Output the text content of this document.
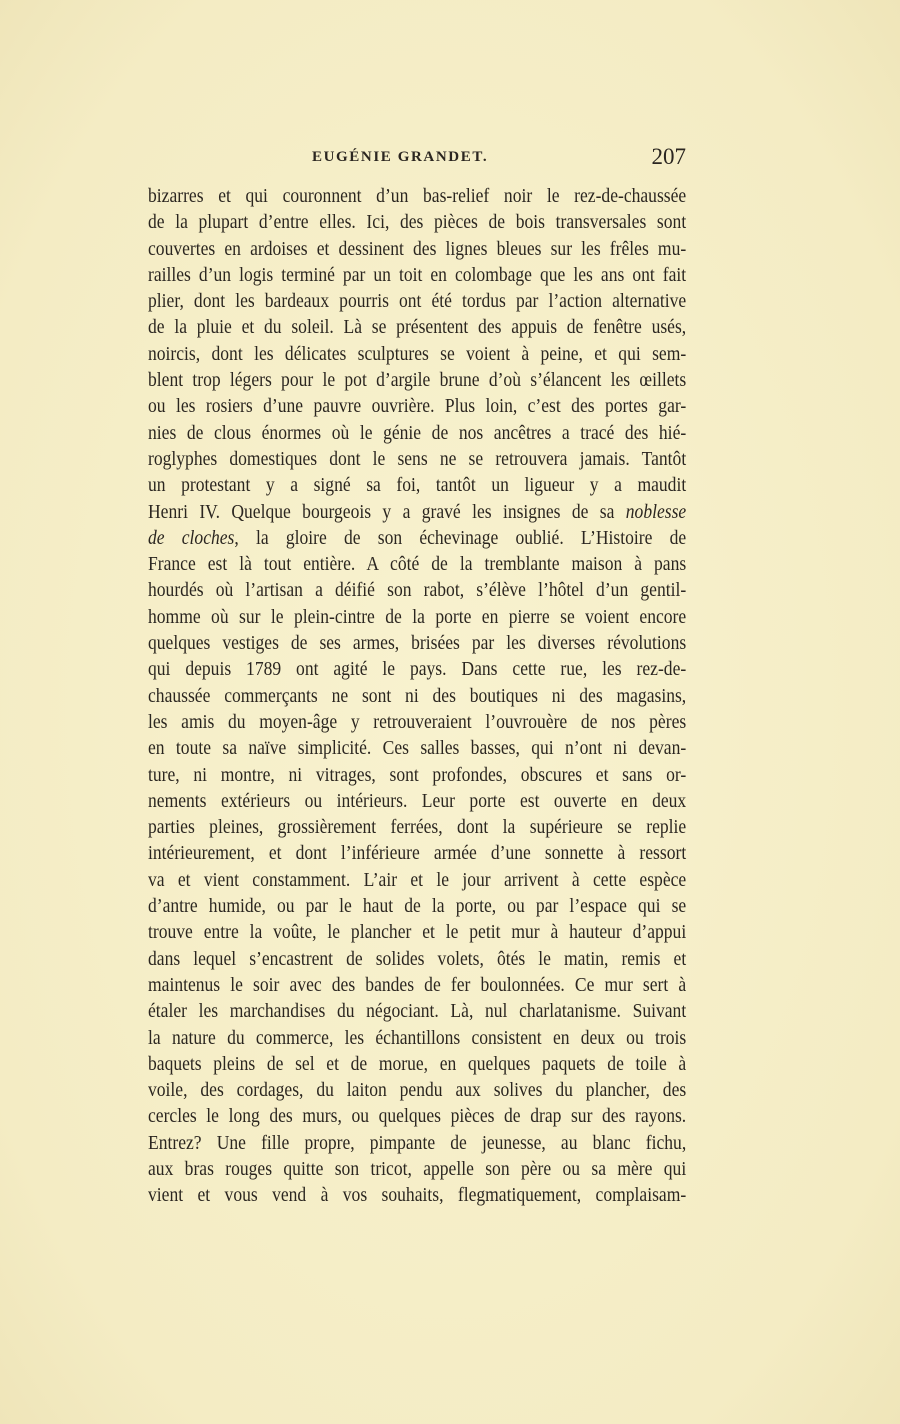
EUGÉNIE GRANDET.	207
bizarres et qui couronnent d’un bas-relief noir le rez-de-chaussée
de la plupart d’entre elles. Ici, des pièces de bois transversales sont
couvertes en ardoises et dessinent des lignes bleues sur les frêles mu-
railles d’un logis terminé par un toit en colombage que les ans ont fait
plier, dont les bardeaux pourris ont été tordus par l’action alternative
de la pluie et du soleil. Là se présentent des appuis de fenêtre usés,
noircis, dont les délicates sculptures se voient à peine, et qui sem-
blent trop légers pour le pot d’argile brune d’où s’élancent les œillets
ou les rosiers d’une pauvre ouvrière. Plus loin, c’est des portes gar-
nies de clous énormes où le génie de nos ancêtres a tracé des hié-
roglyphes domestiques dont le sens ne se retrouvera jamais. Tantôt
un protestant y a signé sa foi, tantôt un ligueur y a maudit
Henri IV. Quelque bourgeois y a gravé les insignes de sa noblesse
de cloches, la gloire de son échevinage oublié. L’Histoire de
France est là tout entière. A côté de la tremblante maison à pans
hourdés où l’artisan a déifié son rabot, s’élève l’hôtel d’un gentil-
homme où sur le plein-cintre de la porte en pierre se voient encore
quelques vestiges de ses armes, brisées par les diverses révolutions
qui depuis 1789 ont agité le pays. Dans cette rue, les rez-de-
chaussée commerçants ne sont ni des boutiques ni des magasins,
les amis du moyen-âge y retrouveraient l’ouvrouère de nos pères
en toute sa naïve simplicité. Ces salles basses, qui n’ont ni devan-
ture, ni montre, ni vitrages, sont profondes, obscures et sans or-
nements extérieurs ou intérieurs. Leur porte est ouverte en deux
parties pleines, grossièrement ferrées, dont la supérieure se replie
intérieurement, et dont l’inférieure armée d’une sonnette à ressort
va et vient constamment. L’air et le jour arrivent à cette espèce
d’antre humide, ou par le haut de la porte, ou par l’espace qui se
trouve entre la voûte, le plancher et le petit mur à hauteur d’appui
dans lequel s’encastrent de solides volets, ôtés le matin, remis et
maintenus le soir avec des bandes de fer boulonnées. Ce mur sert à
étaler les marchandises du négociant. Là, nul charlatanisme. Suivant
la nature du commerce, les échantillons consistent en deux ou trois
baquets pleins de sel et de morue, en quelques paquets de toile à
voile, des cordages, du laiton pendu aux solives du plancher, des
cercles le long des murs, ou quelques pièces de drap sur des rayons.
Entrez? Une fille propre, pimpante de jeunesse, au blanc fichu,
aux bras rouges quitte son tricot, appelle son père ou sa mère qui
vient et vous vend à vos souhaits, flegmatiquement, complaisam-
